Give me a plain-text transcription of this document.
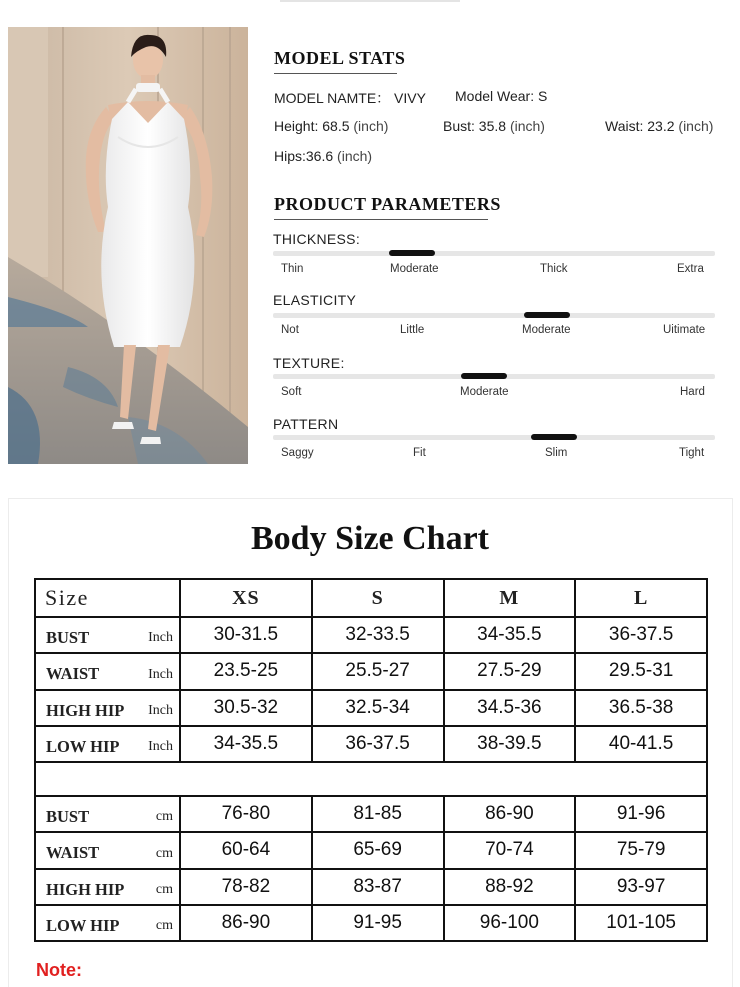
MODEL STATS
MODEL NAMTE： VIVY Model Wear: S
Height: 68.5 (inch)	Bust: 35.8 (inch)	Waist: 23.2 (inch)
Hips:36.6 (inch)
PRODUCT PARAMETERS
THICKNESS:
Thin	Moderate	Thick	Extra
ELASTICITY
Not	Little	Moderate	Uitimate
TEXTURE:
Soft	Moderate	Hard
PATTERN
Saggy	Fit	Slim	Tight
Body Size Chart
Size	XS	S	M	L
BUST Inch	30-31.5	32-33.5	34-35.5	36-37.5
WAIST Inch	23.5-25	25.5-27	27.5-29	29.5-31
HIGH HIP Inch	30.5-32	32.5-34	34.5-36	36.5-38
LOW HIP Inch	34-35.5	36-37.5	38-39.5	40-41.5

BUST cm	76-80	81-85	86-90	91-96
WAIST cm	60-64	65-69	70-74	75-79
HIGH HIP cm	78-82	83-87	88-92	93-97
LOW HIP cm	86-90	91-95	96-100	101-105
Note:
